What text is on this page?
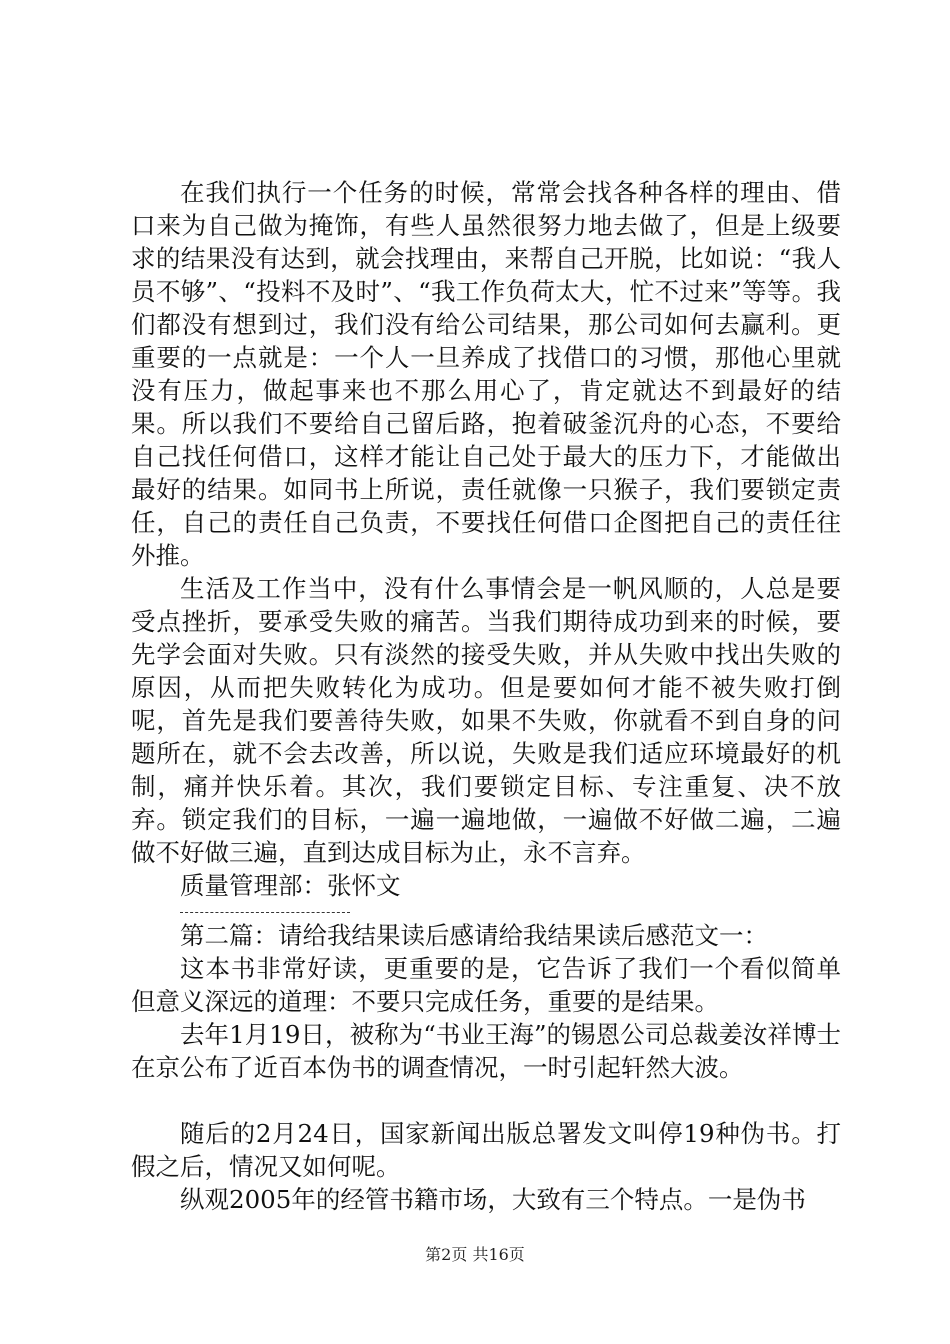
在我们执行一个任务的时候，常常会找各种各样的理由、借口来为自己做为掩饰，有些人虽然很努力地去做了，但是上级要求的结果没有达到，就会找理由，来帮自己开脱，比如说：“我人员不够”、“投料不及时”、“我工作负荷太大，忙不过来”等等。我们都没有想到过，我们没有给公司结果，那公司如何去赢利。更重要的一点就是：一个人一旦养成了找借口的习惯，那他心里就没有压力，做起事来也不那么用心了，肯定就达不到最好的结果。所以我们不要给自己留后路，抱着破釜沉舟的心态，不要给自己找任何借口，这样才能让自己处于最大的压力下，才能做出最好的结果。如同书上所说，责任就像一只猴子，我们要锁定责任，自己的责任自己负责，不要找任何借口企图把自己的责任往外推。

生活及工作当中，没有什么事情会是一帆风顺的，人总是要受点挫折，要承受失败的痛苦。当我们期待成功到来的时候，要先学会面对失败。只有淡然的接受失败，并从失败中找出失败的原因，从而把失败转化为成功。但是要如何才能不被失败打倒呢，首先是我们要善待失败，如果不失败，你就看不到自身的问题所在，就不会去改善，所以说，失败是我们适应环境最好的机制，痛并快乐着。其次，我们要锁定目标、专注重复、决不放弃。锁定我们的目标，一遍一遍地做，一遍做不好做二遍，二遍做不好做三遍，直到达成目标为止，永不言弃。

质量管理部：张怀文

第二篇：请给我结果读后感请给我结果读后感范文一：

这本书非常好读，更重要的是，它告诉了我们一个看似简单但意义深远的道理：不要只完成任务，重要的是结果。

去年1月19日，被称为“书业王海”的锡恩公司总裁姜汝祥博士在京公布了近百本伪书的调查情况，一时引起轩然大波。

随后的2月24日，国家新闻出版总署发文叫停19种伪书。打假之后，情况又如何呢。

纵观2005年的经管书籍市场，大致有三个特点。一是伪书

第2页 共16页
